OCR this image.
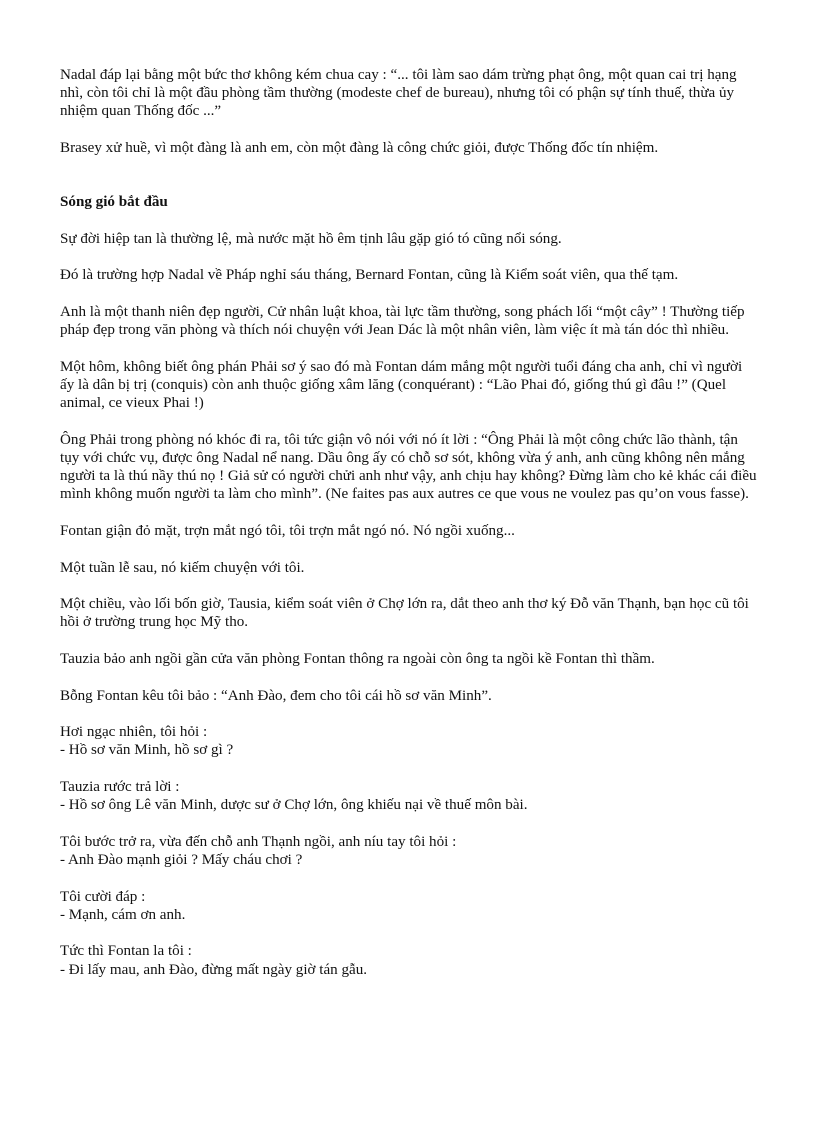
Nadal đáp lại bằng một bức thơ không kém chua cay : “... tôi làm sao dám trừng phạt ông, một quan cai trị hạng nhì, còn tôi chỉ là một đầu phòng tầm thường (modeste chef de bureau), nhưng tôi có phận sự tính thuế, thừa ủy nhiệm quan Thống đốc ...”

Brasey xử huề, vì một đàng là anh em, còn một đàng là công chức giỏi, được Thống đốc tín nhiệm.

Sóng gió bắt đầu

Sự đời hiệp tan là thường lệ, mà nước mặt hồ êm tịnh lâu gặp gió tó cũng nổi sóng.

Đó là trường hợp Nadal về Pháp nghỉ sáu tháng, Bernard Fontan, cũng là Kiểm soát viên, qua thế tạm.

Anh là một thanh niên đẹp người, Cử nhân luật khoa, tài lực tầm thường, song phách lối “một cây” ! Thường tiếp pháp đẹp trong văn phòng và thích nói chuyện với Jean Dác là một nhân viên, làm việc ít mà tán dóc thì nhiều.

Một hôm, không biết ông phán Phải sơ ý sao đó mà Fontan dám mắng một người tuổi đáng cha anh, chỉ vì người ấy là dân bị trị (conquis) còn anh thuộc giống xâm lăng (conquérant) : “Lão Phai đó, giống thú gì đâu !” (Quel animal, ce vieux Phai !)

Ông Phải trong phòng nó khóc đi ra, tôi tức giận vô nói với nó ít lời : “Ông Phải là một công chức lão thành, tận tụy với chức vụ, được ông Nadal nể nang. Dầu ông ấy có chỗ sơ sót, không vừa ý anh, anh cũng không nên mắng người ta là thú nầy thú nọ ! Giả sử có người chửi anh như vậy, anh chịu hay không? Đừng làm cho kẻ khác cái điều mình không muốn người ta làm cho mình”. (Ne faites pas aux autres ce que vous ne voulez pas qu’on vous fasse).

Fontan giận đỏ mặt, trợn mắt ngó tôi, tôi trợn mắt ngó nó. Nó ngồi xuống...

Một tuần lễ sau, nó kiếm chuyện với tôi.

Một chiều, vào lối bốn giờ, Tausia, kiểm soát viên ở Chợ lớn ra, dắt theo anh thơ ký Đỗ văn Thạnh, bạn học cũ tôi hồi ở trường trung học Mỹ tho.

Tauzia bảo anh ngồi gần cửa văn phòng Fontan thông ra ngoài còn ông ta ngồi kề Fontan thì thầm.

Bỗng Fontan kêu tôi bảo : “Anh Đào, đem cho tôi cái hồ sơ văn Minh”.

Hơi ngạc nhiên, tôi hỏi :
- Hồ sơ văn Minh, hồ sơ gì ?

Tauzia rước trả lời :
- Hồ sơ ông Lê văn Minh, dược sư ở Chợ lớn, ông khiếu nại về thuế môn bài.

Tôi bước trở ra, vừa đến chỗ anh Thạnh ngồi, anh níu tay tôi hỏi :
- Anh Đào mạnh giỏi ? Mấy cháu chơi ?

Tôi cười đáp :
- Mạnh, cám ơn anh.

Tức thì Fontan la tôi :
- Đi lấy mau, anh Đào, đừng mất ngày giờ tán gẫu.
